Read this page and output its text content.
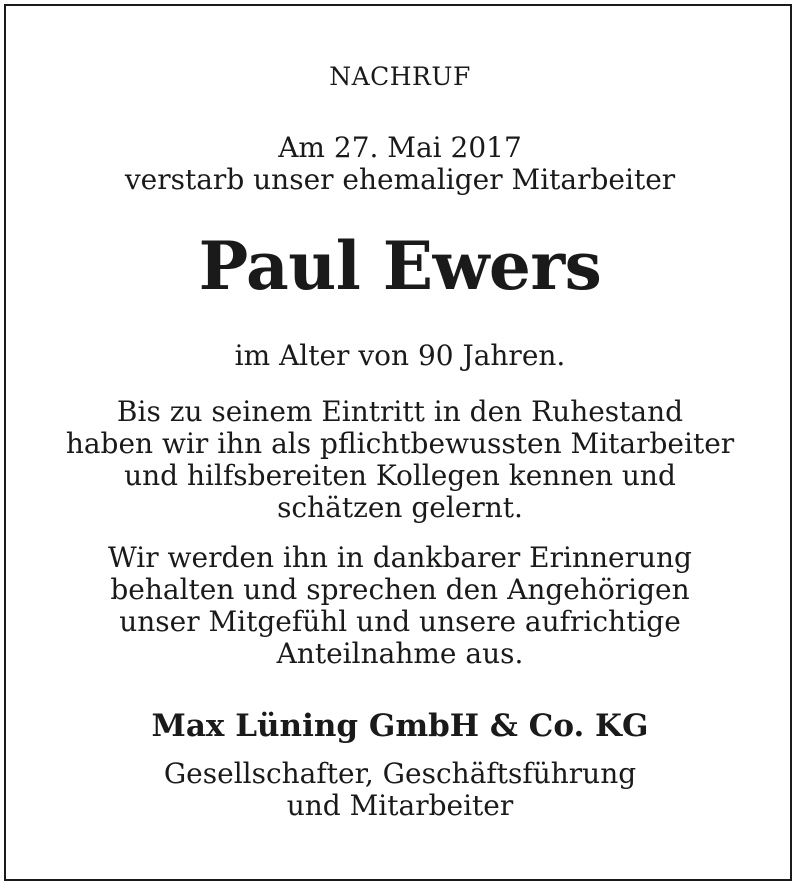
NACHRUF
Am 27. Mai 2017
verstarb unser ehemaliger Mitarbeiter
Paul Ewers
im Alter von 90 Jahren.
Bis zu seinem Eintritt in den Ruhestand
haben wir ihn als pflichtbewussten Mitarbeiter
und hilfsbereiten Kollegen kennen und
schätzen gelernt.
Wir werden ihn in dankbarer Erinnerung
behalten und sprechen den Angehörigen
unser Mitgefühl und unsere aufrichtige
Anteilnahme aus.
Max Lüning GmbH & Co. KG
Gesellschafter, Geschäftsführung
und Mitarbeiter
